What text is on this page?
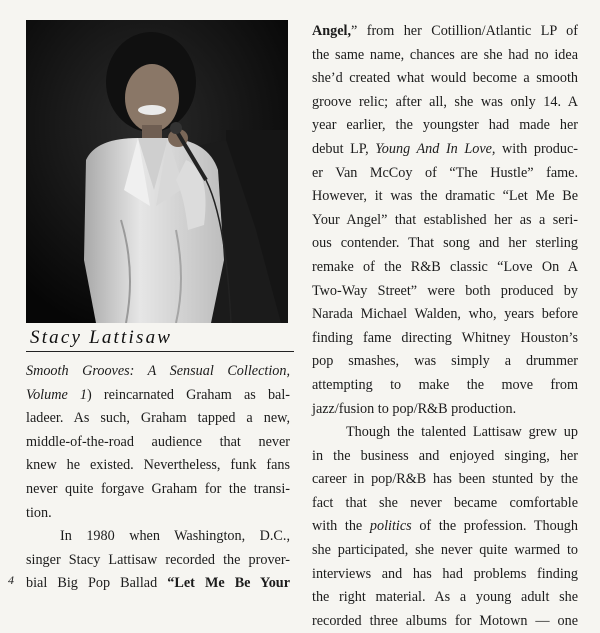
Stacy Lattisaw
Smooth Grooves: A Sensual Collection,
Volume 1) reincarnated Graham as bal-
ladeer. As such, Graham tapped a new,
middle-of-the-road audience that never
knew he existed. Nevertheless, funk fans
never quite forgave Graham for the transi-
tion.
In 1980 when Washington, D.C.,
singer Stacy Lattisaw recorded the prover-
bial Big Pop Ballad “Let Me Be Your
Angel,” from her Cotillion/Atlantic LP of
the same name, chances are she had no idea
she’d created what would become a smooth
groove relic; after all, she was only 14. A
year earlier, the youngster had made her
debut LP, Young And In Love, with produc-
er Van McCoy of “The Hustle” fame.
However, it was the dramatic “Let Me Be
Your Angel” that established her as a seri-
ous contender. That song and her sterling
remake of the R&B classic “Love On A
Two-Way Street” were both produced by
Narada Michael Walden, who, years before
finding fame directing Whitney Houston’s
pop smashes, was simply a drummer
attempting to make the move from
jazz/fusion to pop/R&B production.
Though the talented Lattisaw grew up
in the business and enjoyed singing, her
career in pop/R&B has been stunted by the
fact that she never became comfortable
with the politics of the profession. Though
she participated, she never quite warmed to
interviews and has had problems finding
the right material. As a young adult she
recorded three albums for Motown — one
4
